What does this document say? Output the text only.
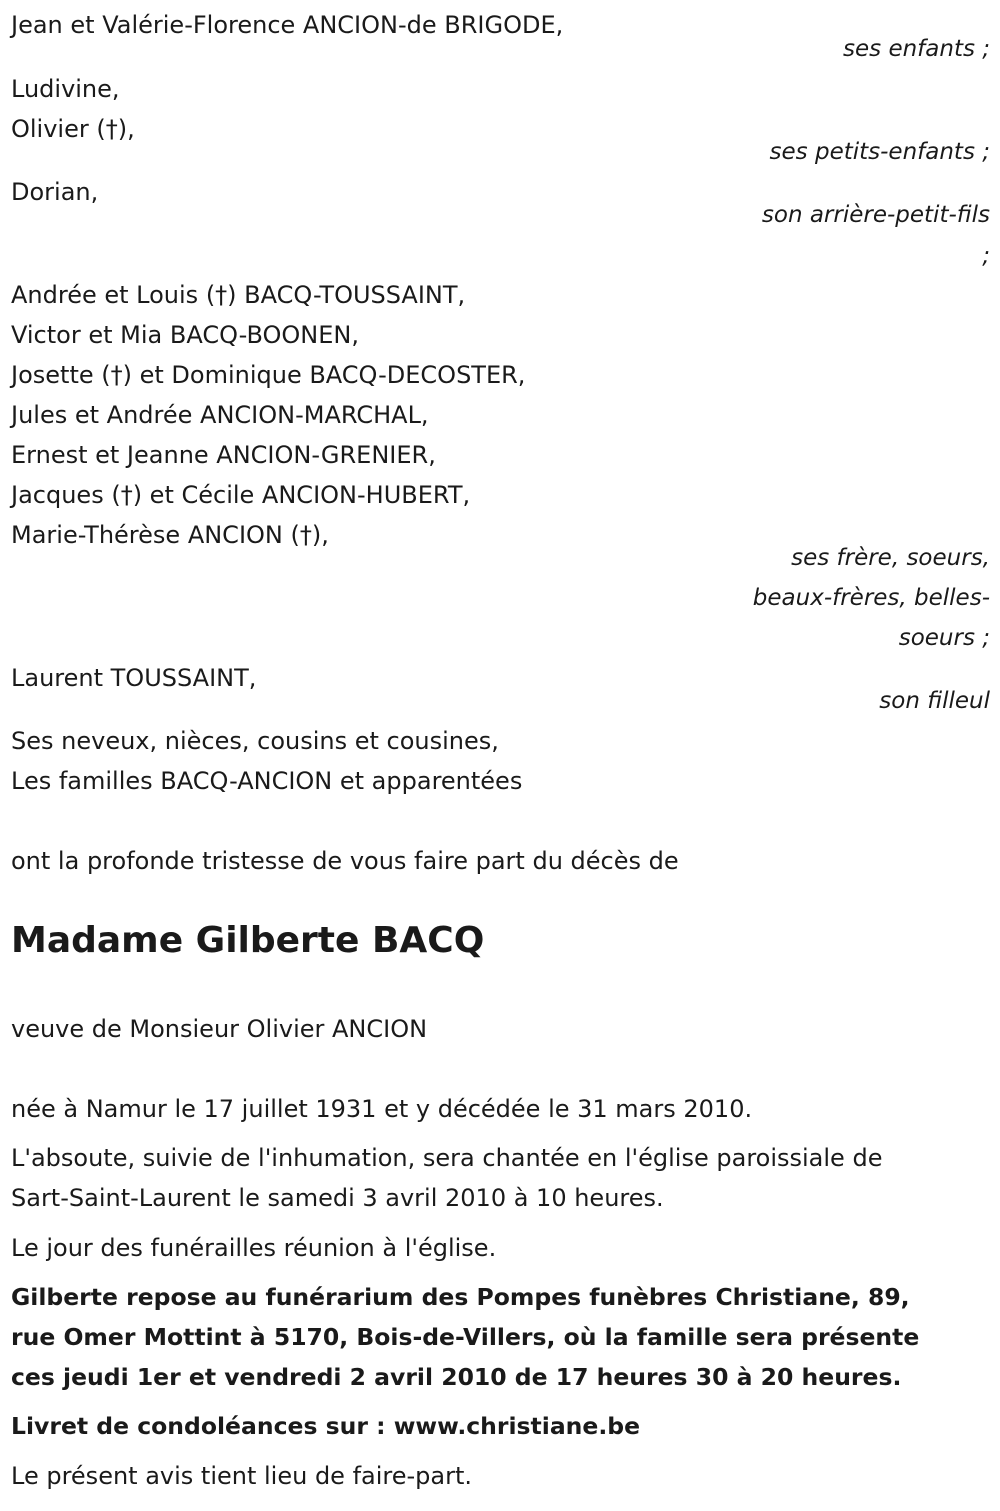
Jean et Valérie-Florence ANCION-de BRIGODE,
ses enfants ;
Ludivine,
Olivier (†),
ses petits-enfants ;
Dorian,
son arrière-petit-fils
;
Andrée et Louis (†) BACQ-TOUSSAINT,
Victor et Mia BACQ-BOONEN,
Josette (†) et Dominique BACQ-DECOSTER,
Jules et Andrée ANCION-MARCHAL,
Ernest et Jeanne ANCION-GRENIER,
Jacques (†) et Cécile ANCION-HUBERT,
Marie-Thérèse ANCION (†),
ses frère, soeurs,
beaux-frères, belles-
soeurs ;
Laurent TOUSSAINT,
son filleul
Ses neveux, nièces, cousins et cousines,
Les familles BACQ-ANCION et apparentées
ont la profonde tristesse de vous faire part du décès de
Madame Gilberte BACQ
veuve de Monsieur Olivier ANCION
née à Namur le 17 juillet 1931 et y décédée le 31 mars 2010.
L'absoute, suivie de l'inhumation, sera chantée en l'église paroissiale de
Sart-Saint-Laurent le samedi 3 avril 2010 à 10 heures.
Le jour des funérailles réunion à l'église.
Gilberte repose au funérarium des Pompes funèbres Christiane, 89,
rue Omer Mottint à 5170, Bois-de-Villers, où la famille sera présente
ces jeudi 1er et vendredi 2 avril 2010 de 17 heures 30 à 20 heures.
Livret de condoléances sur : www.christiane.be
Le présent avis tient lieu de faire-part.
